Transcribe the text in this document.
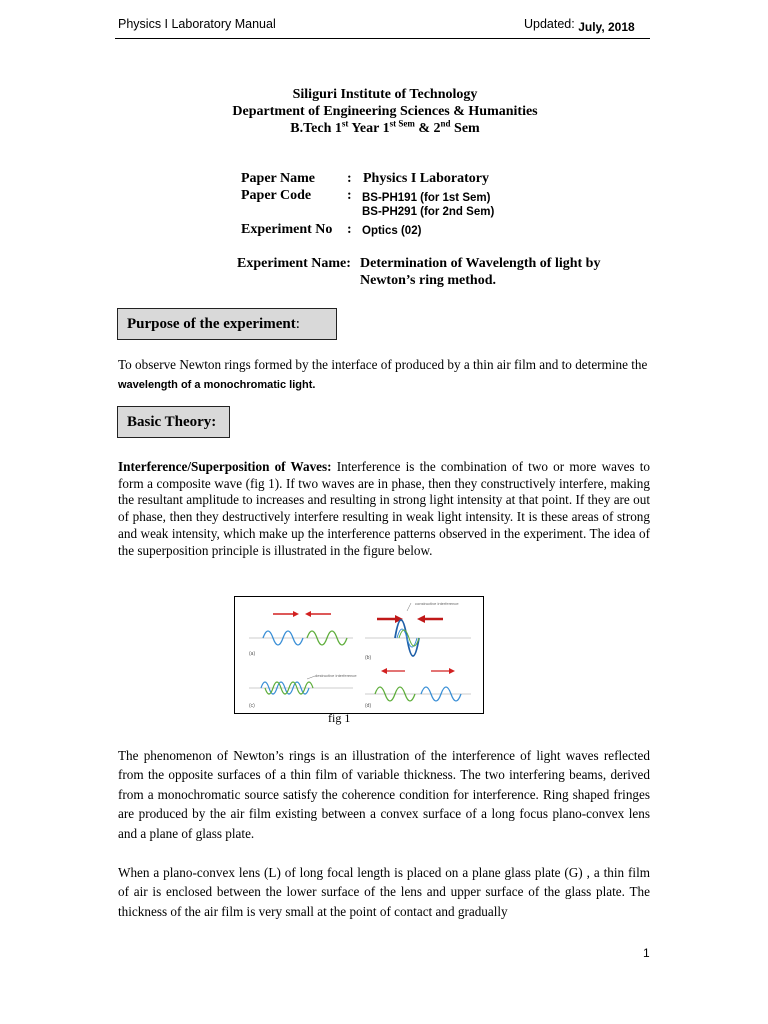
Physics I Laboratory Manual	Updated: July, 2018
Siliguri Institute of Technology
Department of Engineering Sciences & Humanities
B.Tech 1st Year $1^{st Sem}$ & 2nd Sem
Paper Name : Physics I Laboratory
Paper Code	: BS-PH191 (for 1st Sem)
BS-PH291 (for 2nd Sem)
Experiment No : Optics (02)
Experiment Name: Determination of Wavelength of light by
Newton’s ring method.
Purpose of the experiment:
To observe Newton rings formed by the interface of produced by a thin air film and to determine the wavelength of a monochromatic light.
Basic Theory:
Interference/Superposition of Waves: Interference is the combination of two or more waves to form a composite wave (fig 1). If two waves are in phase, then they constructively interfere, making the resultant amplitude to increases and resulting in strong light intensity at that point. If they are out of phase, then they destructively interfere resulting in weak light intensity. It is these areas of strong and weak intensity, which make up the interference patterns observed in the experiment. The idea of the superposition principle is illustrated in the figure below.
(a)
constructive interference
(b)
destructive interference
(c)	(d)
fig 1
The phenomenon of Newton’s rings is an illustration of the interference of light waves reflected from the opposite surfaces of a thin film of variable thickness. The two interfering beams, derived from a monochromatic source satisfy the coherence condition for interference. Ring shaped fringes are produced by the air film existing between a convex surface of a long focus plano-convex lens and a plane of glass plate.
When a plano-convex lens (L) of long focal length is placed on a plane glass plate (G) , a thin film of air is enclosed between the lower surface of the lens and upper surface of the glass plate. The thickness of the air film is very small at the point of contact and gradually
1
